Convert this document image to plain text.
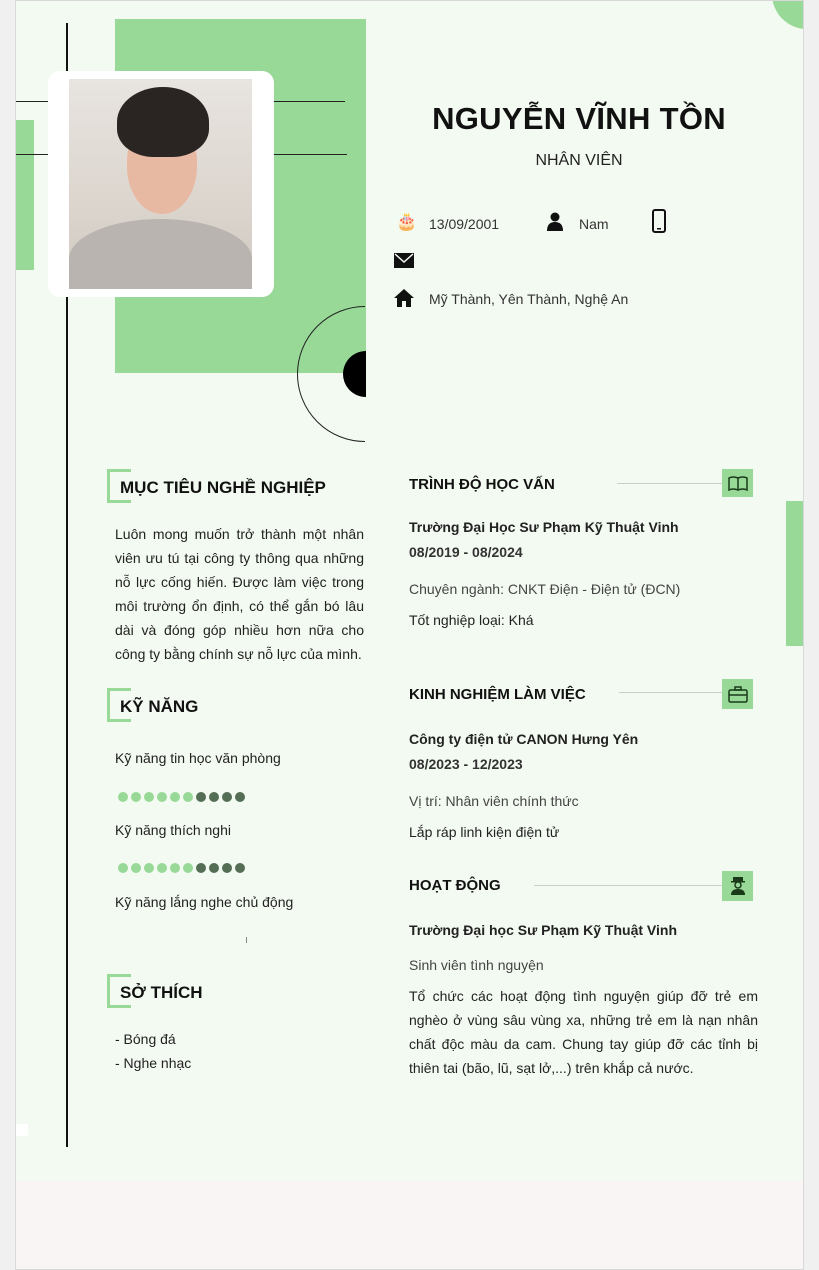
NGUYỄN VĨNH TỒN
NHÂN VIÊN
🎂 13/09/2001	Nam
Mỹ Thành, Yên Thành, Nghệ An
MỤC TIÊU NGHỀ NGHIỆP
Luôn mong muốn trở thành một nhân viên ưu tú tại công ty thông qua những nỗ lực cống hiến. Được làm việc trong môi trường ổn định, có thể gắn bó lâu dài và đóng góp nhiều hơn nữa cho công ty bằng chính sự nỗ lực của mình.
KỸ NĂNG
Kỹ năng tin học văn phòng
Kỹ năng thích nghi
Kỹ năng lắng nghe chủ động
SỞ THÍCH
- Bóng đá
- Nghe nhạc
TRÌNH ĐỘ HỌC VẤN
Trường Đại Học Sư Phạm Kỹ Thuật Vinh
08/2019 - 08/2024
Chuyên ngành: CNKT Điện - Điện tử (ĐCN)
Tốt nghiệp loại: Khá
KINH NGHIỆM LÀM VIỆC
Công ty điện tử CANON Hưng Yên
08/2023 - 12/2023
Vị trí: Nhân viên chính thức
Lắp ráp linh kiện điện tử
HOẠT ĐỘNG
Trường Đại học Sư Phạm Kỹ Thuật Vinh
Sinh viên tình nguyện
Tổ chức các hoạt động tình nguyện giúp đỡ trẻ em nghèo ở vùng sâu vùng xa, những trẻ em là nạn nhân chất độc màu da cam. Chung tay giúp đỡ các tỉnh bị thiên tai (bão, lũ, sạt lở,...) trên khắp cả nước.
